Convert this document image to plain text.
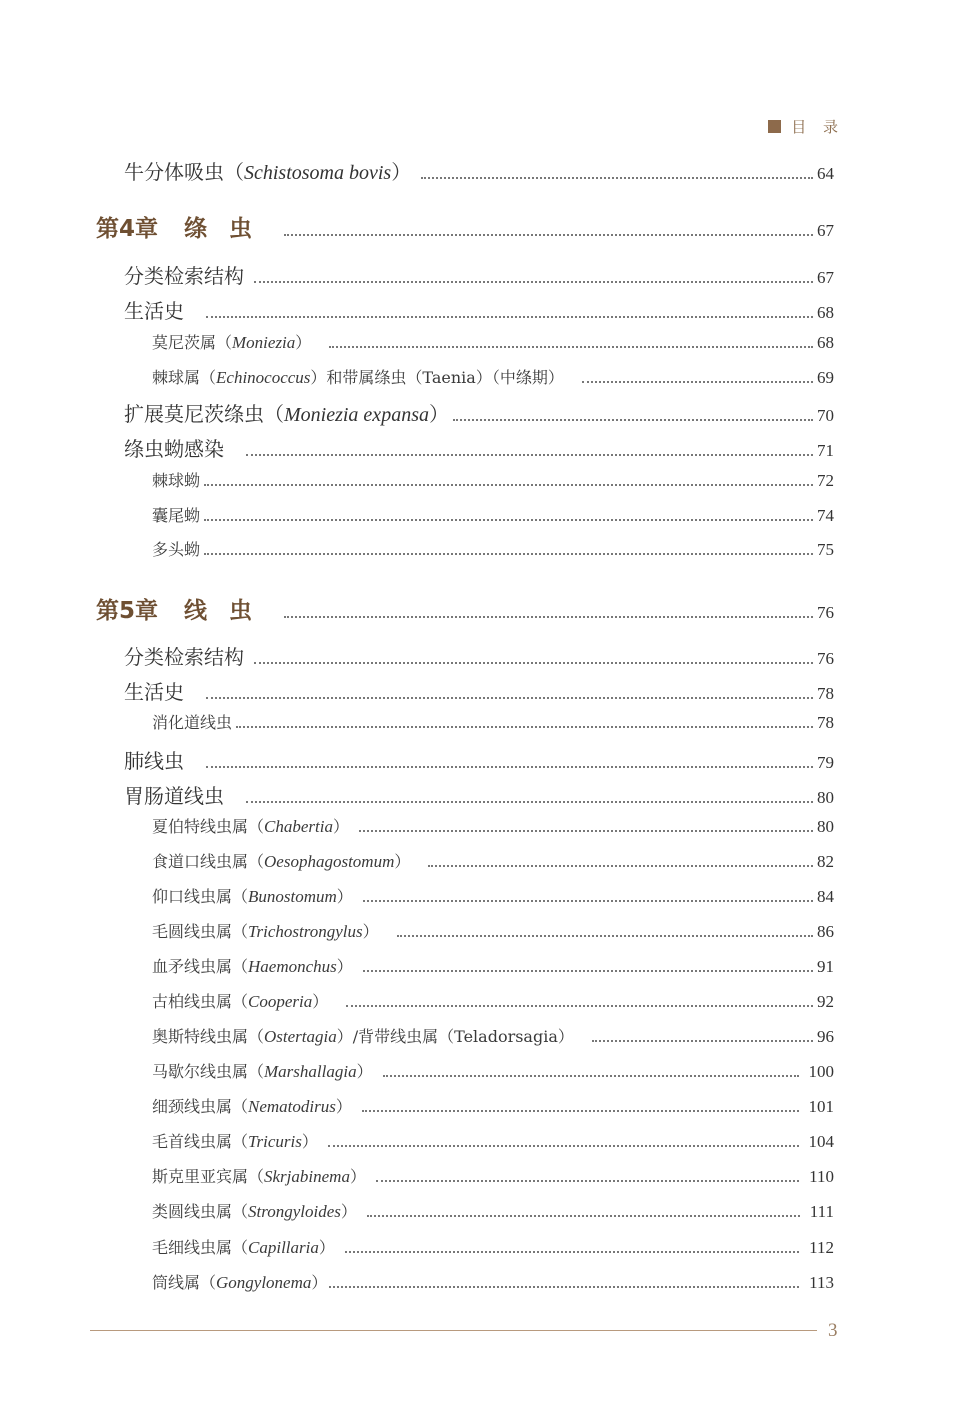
目 录
牛分体吸虫（Schistosoma bovis）	64
第4章 绦虫	67
分类检索结构	67
生活史	68
莫尼茨属（Moniezia）	68
棘球属（Echinococcus）和带属绦虫（Taenia）（中绦期）	69
扩展莫尼茨绦虫（Moniezia expansa）	70
绦虫蚴感染	71
棘球蚴	72
囊尾蚴	74
多头蚴	75
第5章 线虫	76
分类检索结构	76
生活史	78
消化道线虫	78
肺线虫	79
胃肠道线虫	80
夏伯特线虫属（Chabertia）	80
食道口线虫属（Oesophagostomum）	82
仰口线虫属（Bunostomum）	84
毛圆线虫属（Trichostrongylus）	86
血矛线虫属（Haemonchus）	91
古柏线虫属（Cooperia）	92
奥斯特线虫属（Ostertagia）/背带线虫属（Teladorsagia）	96
马歇尔线虫属（Marshallagia）	100
细颈线虫属（Nematodirus）	101
毛首线虫属（Tricuris）	104
斯克里亚宾属（Skrjabinema）	110
类圆线虫属（Strongyloides）	111
毛细线虫属（Capillaria）	112
筒线属（Gongylonema）	113
3
